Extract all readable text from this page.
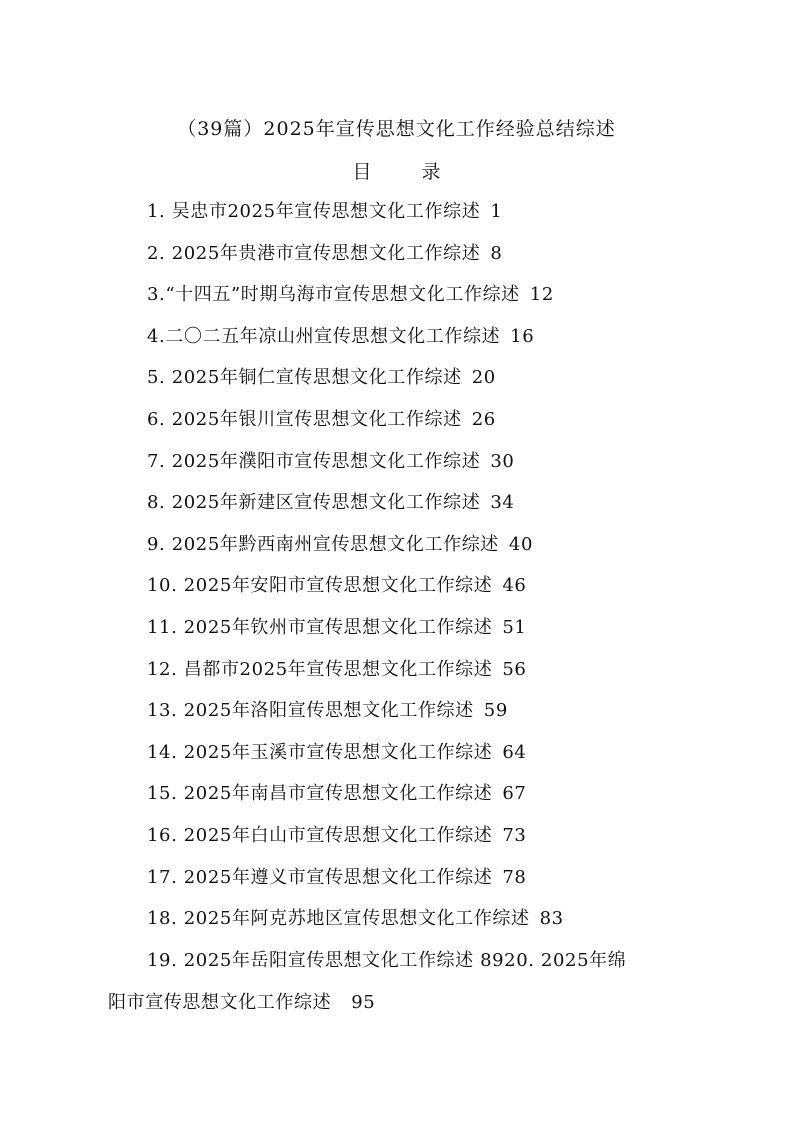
（39篇）2025年宣传思想文化工作经验总结综述
目 录
1. 吴忠市2025年宣传思想文化工作综述 1
2. 2025年贵港市宣传思想文化工作综述 8
3.“十四五”时期乌海市宣传思想文化工作综述 12
4.二〇二五年凉山州宣传思想文化工作综述 16
5. 2025年铜仁宣传思想文化工作综述 20
6. 2025年银川宣传思想文化工作综述 26
7. 2025年濮阳市宣传思想文化工作综述 30
8. 2025年新建区宣传思想文化工作综述 34
9. 2025年黔西南州宣传思想文化工作综述 40
10. 2025年安阳市宣传思想文化工作综述 46
11. 2025年钦州市宣传思想文化工作综述 51
12. 昌都市2025年宣传思想文化工作综述 56
13. 2025年洛阳宣传思想文化工作综述 59
14. 2025年玉溪市宣传思想文化工作综述 64
15. 2025年南昌市宣传思想文化工作综述 67
16. 2025年白山市宣传思想文化工作综述 73
17. 2025年遵义市宣传思想文化工作综述 78
18. 2025年阿克苏地区宣传思想文化工作综述 83
19. 2025年岳阳宣传思想文化工作综述 8920. 2025年绵
阳市宣传思想文化工作综述 95
